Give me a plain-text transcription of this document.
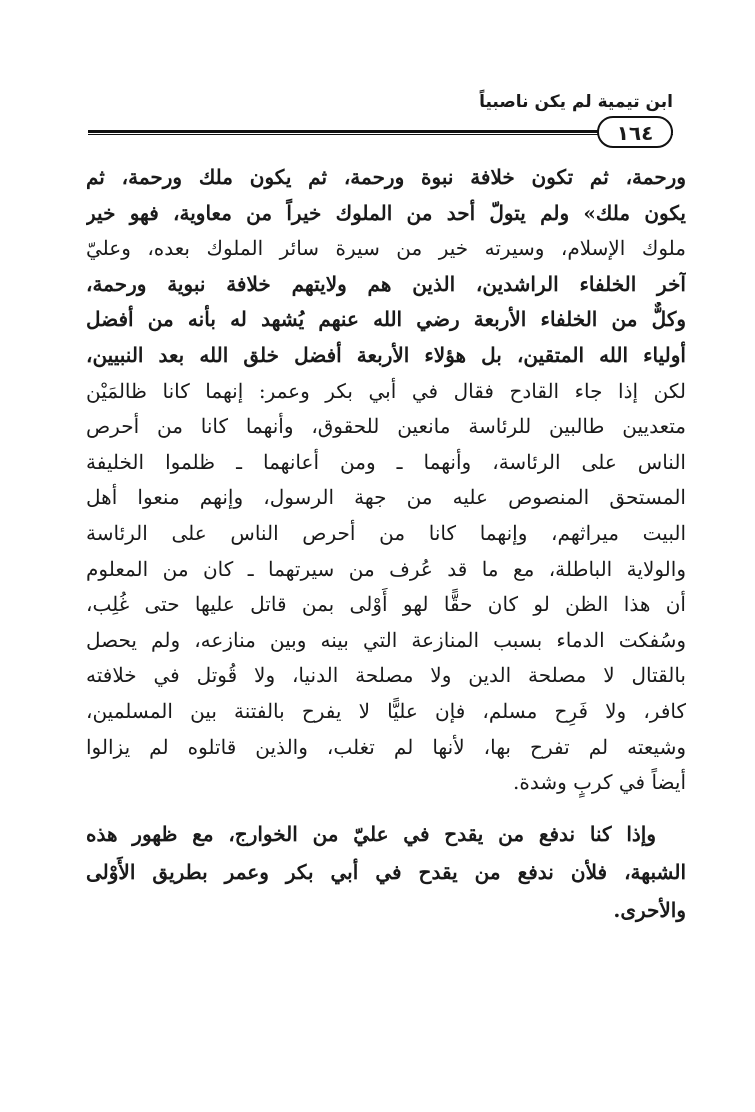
ابن تيمية لم يكن ناصبياً
١٦٤
ورحمة، ثم تكون خلافة نبوة ورحمة، ثم يكون ملك ورحمة، ثم
يكون ملك» ولم يتولّ أحد من الملوك خيراً من معاوية، فهو خير
ملوك الإسلام، وسيرته خير من سيرة سائر الملوك بعده، وعليّ
آخر الخلفاء الراشدين، الذين هم ولايتهم خلافة نبوية ورحمة،
وكلٌّ من الخلفاء الأربعة رضي الله عنهم يُشهد له بأنه من أفضل
أولياء الله المتقين، بل هؤلاء الأربعة أفضل خلق الله بعد النبيين،
لكن إذا جاء القادح فقال في أبي بكر وعمر: إنهما كانا ظالمَيْن
متعديين طالبين للرئاسة مانعين للحقوق، وأنهما كانا من أحرص
الناس على الرئاسة، وأنهما ـ ومن أعانهما ـ ظلموا الخليفة
المستحق المنصوص عليه من جهة الرسول، وإنهم منعوا أهل
البيت ميراثهم، وإنهما كانا من أحرص الناس على الرئاسة
والولاية الباطلة، مع ما قد عُرف من سيرتهما ـ كان من المعلوم
أن هذا الظن لو كان حقًّا لهو أَوْلى بمن قاتل عليها حتى غُلِب،
وسُفكت الدماء بسبب المنازعة التي بينه وبين منازعه، ولم يحصل
بالقتال لا مصلحة الدين ولا مصلحة الدنيا، ولا قُوتل في خلافته
كافر، ولا فَرِح مسلم، فإن عليًّا لا يفرح بالفتنة بين المسلمين،
وشيعته لم تفرح بها، لأنها لم تغلب، والذين قاتلوه لم يزالوا
أيضاً في كربٍ وشدة.
وإذا كنا ندفع من يقدح في عليّ من الخوارج، مع ظهور هذه
الشبهة، فلأن ندفع من يقدح في أبي بكر وعمر بطريق الأَوْلى
والأحرى.
